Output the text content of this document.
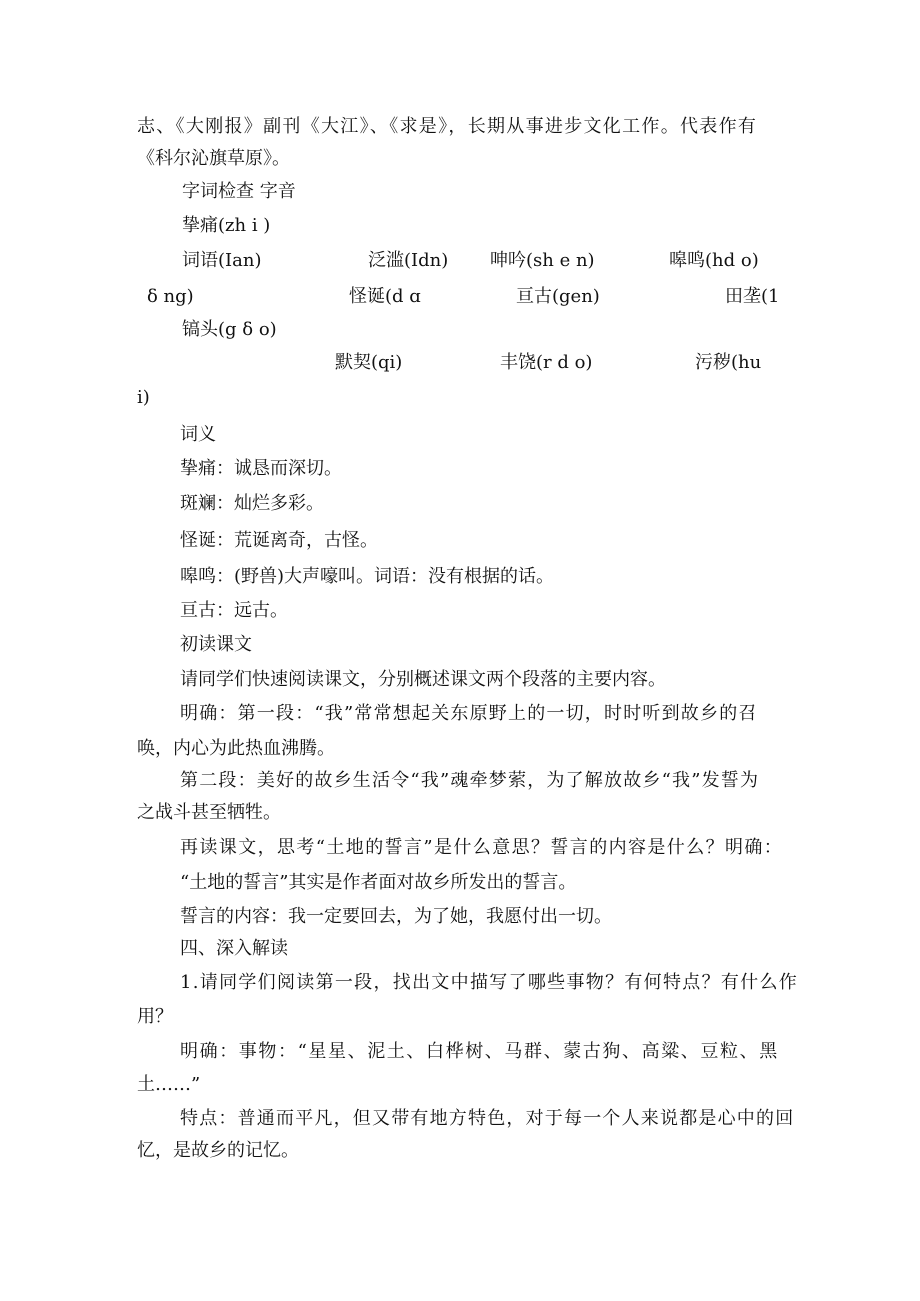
志、《大刚报》副刊《大江》、《求是》，长期从事进步文化工作。代表作有
《科尔沁旗草原》。
字词检查 字音
挚痛(zh i )
词语(Ian)	泛滥(Idn) 呻吟(sh e n)	嗥鸣(hd o)
δ ng)	怪诞(d ɑ	亘古(gen)	田垄(1
镐头(g δ o)
默契(qi)	丰饶(r d o)	污秽(hu
i)
词义
挚痛：诚恳而深切。
斑斓：灿烂多彩。
怪诞：荒诞离奇，古怪。
嗥鸣：(野兽)大声嚎叫。词语：没有根据的话。
亘古：远古。
初读课文
请同学们快速阅读课文，分别概述课文两个段落的主要内容。
明确：第一段：“我”常常想起关东原野上的一切，时时听到故乡的召
唤，内心为此热血沸腾。
第二段：美好的故乡生活令“我”魂牵梦萦，为了解放故乡“我”发誓为
之战斗甚至牺牲。
再读课文，思考“土地的誓言”是什么意思？誓言的内容是什么？明确：
“土地的誓言”其实是作者面对故乡所发出的誓言。
誓言的内容：我一定要回去，为了她，我愿付出一切。
四、深入解读
1.请同学们阅读第一段，找出文中描写了哪些事物？有何特点？有什么作
用？
明确：事物：“星星、泥土、白桦树、马群、蒙古狗、高粱、豆粒、黑
土……”
特点：普通而平凡，但又带有地方特色，对于每一个人来说都是心中的回
忆，是故乡的记忆。
